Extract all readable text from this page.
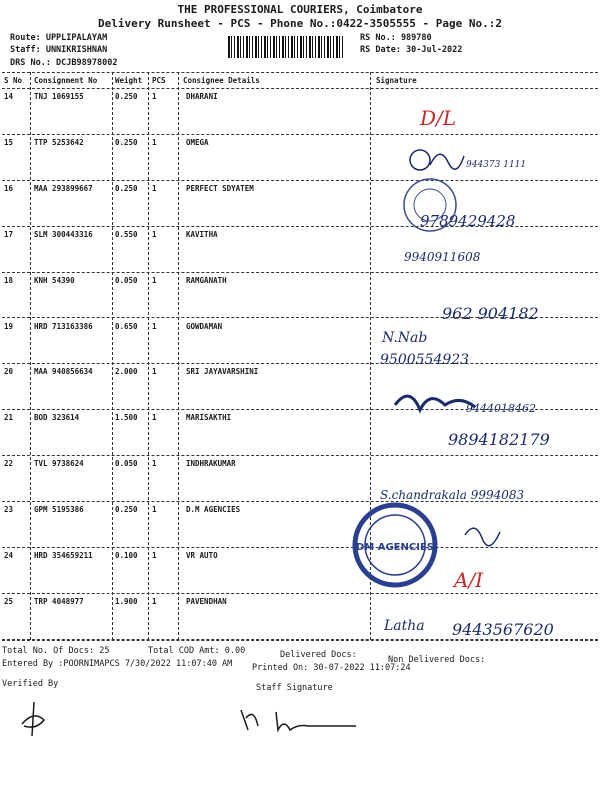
THE PROFESSIONAL COURIERS, Coimbatore
Delivery Runsheet - PCS - Phone No.:0422-3505555 - Page No.:2
Route: UPPLIPALAYAM
Staff: UNNIKRISHNAN
DRS No.: DCJB98978002
RS No.: 989780
RS Date: 30-Jul-2022
S No Consignment No Weight PCS Consignee Details	Signature
14	TNJ 1069155	0.250 1	DHARANI
15	TTP 5253642	0.250 1	OMEGA
16	MAA 293899667	0.250 1	PERFECT SDYATEM
17	SLM 300443316	0.550 1	KAVITHA
18	KNH 54390	0.050 1	RAMGANATH
19	HRD 713163386	0.650 1	GOWDAMAN
20	MAA 940856634	2.000 1	SRI JAYAVARSHINI
21	BOD 323614	1.500 1	MARISAKTHI
22	TVL 9738624	0.050 1	INDHRAKUMAR
23	GPM 5195386	0.250 1	D.M AGENCIES
24	HRD 354659211	0.100 1	VR AUTO
25	TRP 4048977	1.900 1	PAVENDHAN
D/L
944373 1111
9789429428
9940911608
962 904182
N.Nab
9500554923
9444018462
9894182179
S.chandrakala 9994083
A/I
Latha 9443567620
DM AGENCIES
Total No. Of Docs: 25	Total COD Amt: 0.00	Delivered Docs:	Non Delivered Docs:
Entered By :POORNIMAPCS 7/30/2022 11:07:40 AM Printed On: 30-07-2022 11:07:24
Verified By	Staff Signature
